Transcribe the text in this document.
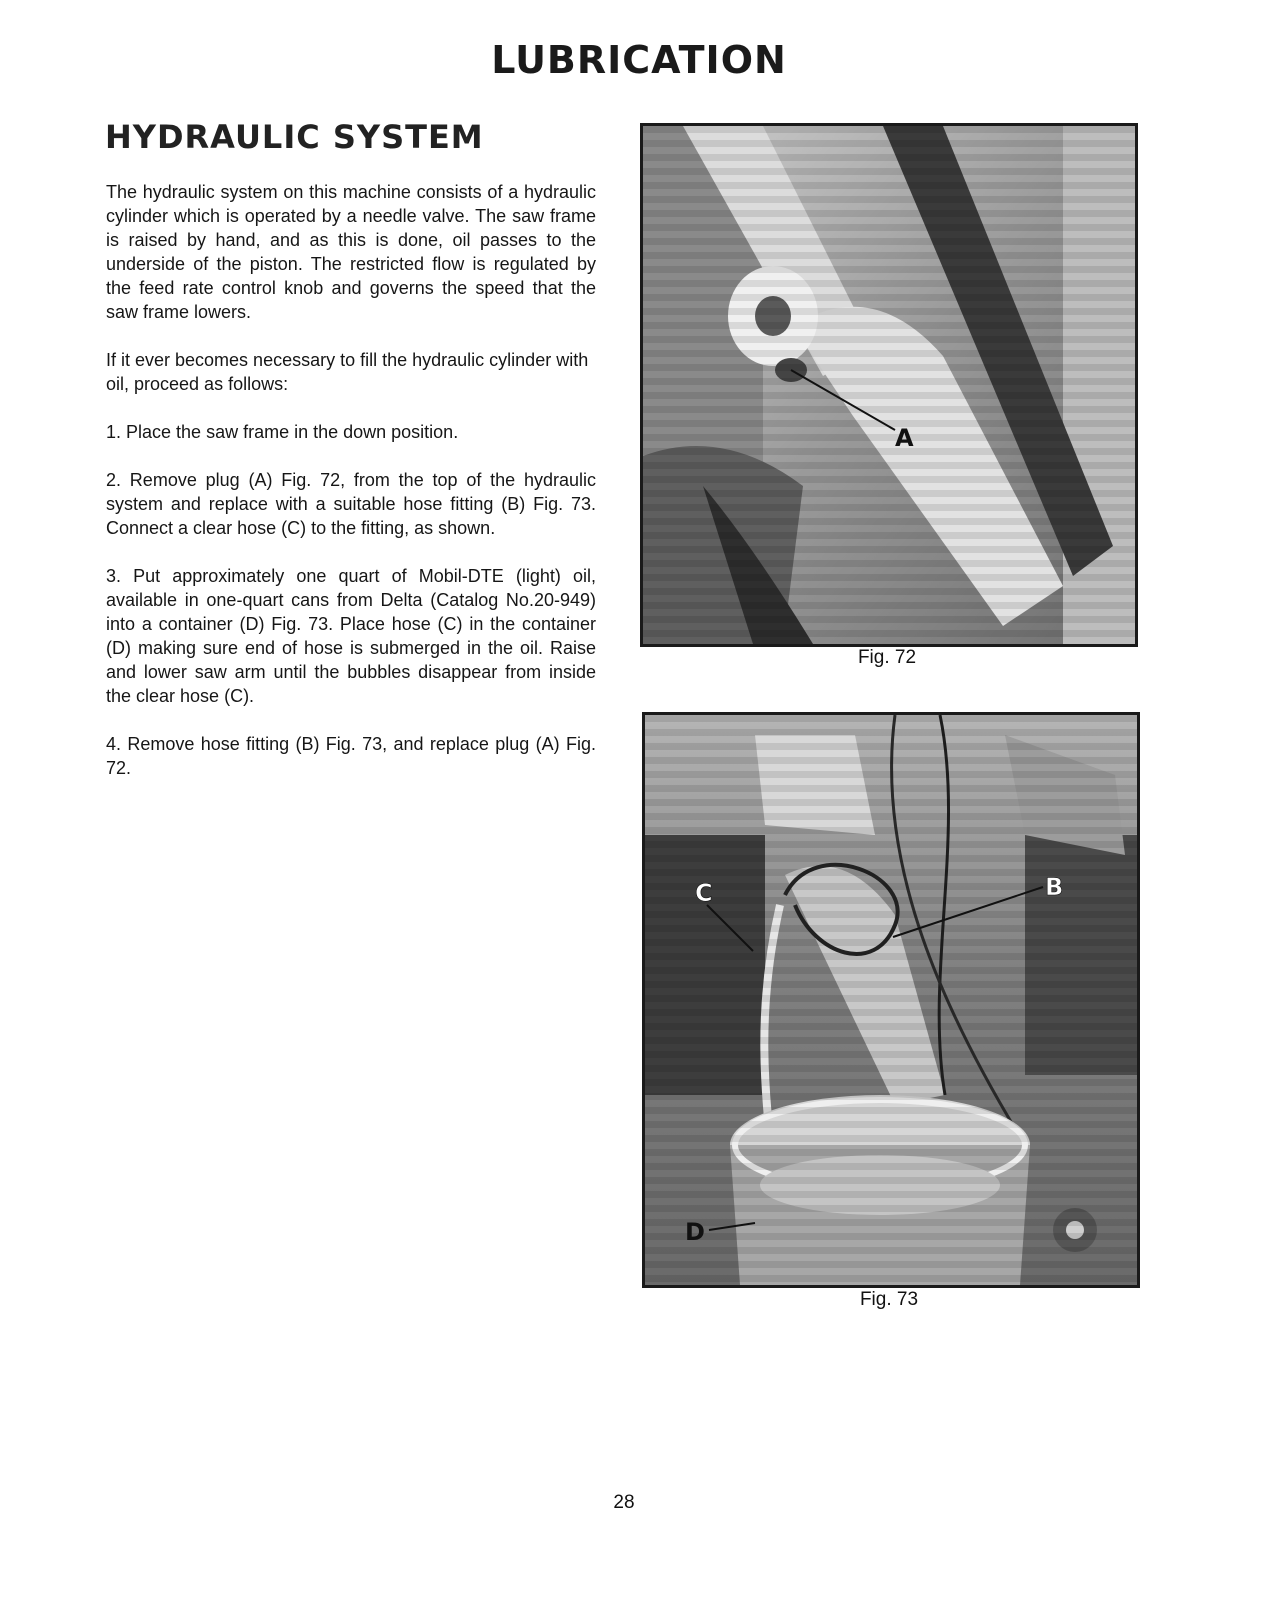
LUBRICATION
HYDRAULIC SYSTEM

The hydraulic system on this machine consists of a hydraulic cylinder which is operated by a needle valve. The saw frame is raised by hand, and as this is done, oil passes to the underside of the piston. The restricted flow is regulated by the feed rate control knob and governs the speed that the saw frame lowers.

If it ever becomes necessary to fill the hydraulic cylinder with oil, proceed as follows:

1. Place the saw frame in the down position.

2. Remove plug (A) Fig. 72, from the top of the hydraulic system and replace with a suitable hose fitting (B) Fig. 73. Connect a clear hose (C) to the fitting, as shown.

3. Put approximately one quart of Mobil-DTE (light) oil, available in one-quart cans from Delta (Catalog No.20-949) into a container (D) Fig. 73. Place hose (C) in the container (D) making sure end of hose is submerged in the oil. Raise and lower saw arm until the bubbles disappear from inside the clear hose (C).

4. Remove hose fitting (B) Fig. 73, and replace plug (A) Fig. 72.

A
Fig. 72
C	B
D
Fig. 73
28
